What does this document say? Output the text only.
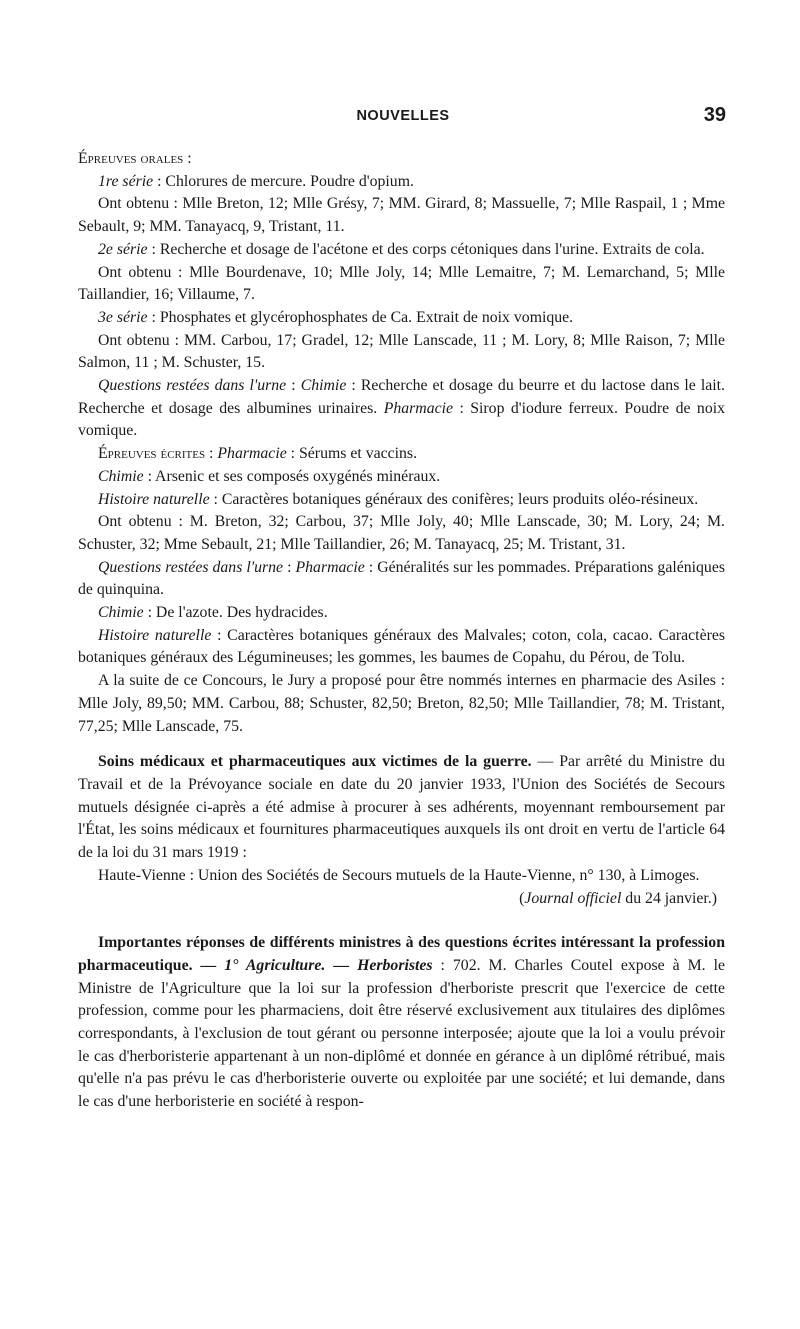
NOUVELLES	39

Épreuves orales :

1re série : Chlorures de mercure. Poudre d'opium.

Ont obtenu : Mlle Breton, 12; Mlle Grésy, 7; MM. Girard, 8; Massuelle, 7; Mlle Raspail, 1 ; Mme Sebault, 9; MM. Tanayacq, 9, Tristant, 11.

2e série : Recherche et dosage de l'acétone et des corps cétoniques dans l'urine. Extraits de cola.

Ont obtenu : Mlle Bourdenave, 10; Mlle Joly, 14; Mlle Lemaitre, 7; M. Lemarchand, 5; Mlle Taillandier, 16; Villaume, 7.

3e série : Phosphates et glycérophosphates de Ca. Extrait de noix vomique.

Ont obtenu : MM. Carbou, 17; Gradel, 12; Mlle Lanscade, 11 ; M. Lory, 8; Mlle Raison, 7; Mlle Salmon, 11 ; M. Schuster, 15.

Questions restées dans l'urne : Chimie : Recherche et dosage du beurre et du lactose dans le lait. Recherche et dosage des albumines urinaires. Pharmacie : Sirop d'iodure ferreux. Poudre de noix vomique.

Épreuves écrites : Pharmacie : Sérums et vaccins.

Chimie : Arsenic et ses composés oxygénés minéraux.

Histoire naturelle : Caractères botaniques généraux des conifères; leurs produits oléo-résineux.

Ont obtenu : M. Breton, 32; Carbou, 37; Mlle Joly, 40; Mlle Lanscade, 30; M. Lory, 24; M. Schuster, 32; Mme Sebault, 21; Mlle Taillandier, 26; M. Tanayacq, 25; M. Tristant, 31.

Questions restées dans l'urne : Pharmacie : Généralités sur les pommades. Préparations galéniques de quinquina.

Chimie : De l'azote. Des hydracides.

Histoire naturelle : Caractères botaniques généraux des Malvales; coton, cola, cacao. Caractères botaniques généraux des Légumineuses; les gommes, les baumes de Copahu, du Pérou, de Tolu.

A la suite de ce Concours, le Jury a proposé pour être nommés internes en pharmacie des Asiles : Mlle Joly, 89,50; MM. Carbou, 88; Schuster, 82,50; Breton, 82,50; Mlle Taillandier, 78; M. Tristant, 77,25; Mlle Lanscade, 75.

Soins médicaux et pharmaceutiques aux victimes de la guerre. — Par arrêté du Ministre du Travail et de la Prévoyance sociale en date du 20 janvier 1933, l'Union des Sociétés de Secours mutuels désignée ci-après a été admise à procurer à ses adhérents, moyennant remboursement par l'État, les soins médicaux et fournitures pharmaceutiques auxquels ils ont droit en vertu de l'article 64 de la loi du 31 mars 1919 :

Haute-Vienne : Union des Sociétés de Secours mutuels de la Haute-Vienne, n° 130, à Limoges.

(Journal officiel du 24 janvier.)

Importantes réponses de différents ministres à des questions écrites intéressant la profession pharmaceutique. — 1° Agriculture. — Herboristes : 702. M. Charles Coutel expose à M. le Ministre de l'Agriculture que la loi sur la profession d'herboriste prescrit que l'exercice de cette profession, comme pour les pharmaciens, doit être réservé exclusivement aux titulaires des diplômes correspondants, à l'exclusion de tout gérant ou personne interposée; ajoute que la loi a voulu prévoir le cas d'herboristerie appartenant à un non-diplômé et donnée en gérance à un diplômé rétribué, mais qu'elle n'a pas prévu le cas d'herboristerie ouverte ou exploitée par une société; et lui demande, dans le cas d'une herboristerie en société à respon-
